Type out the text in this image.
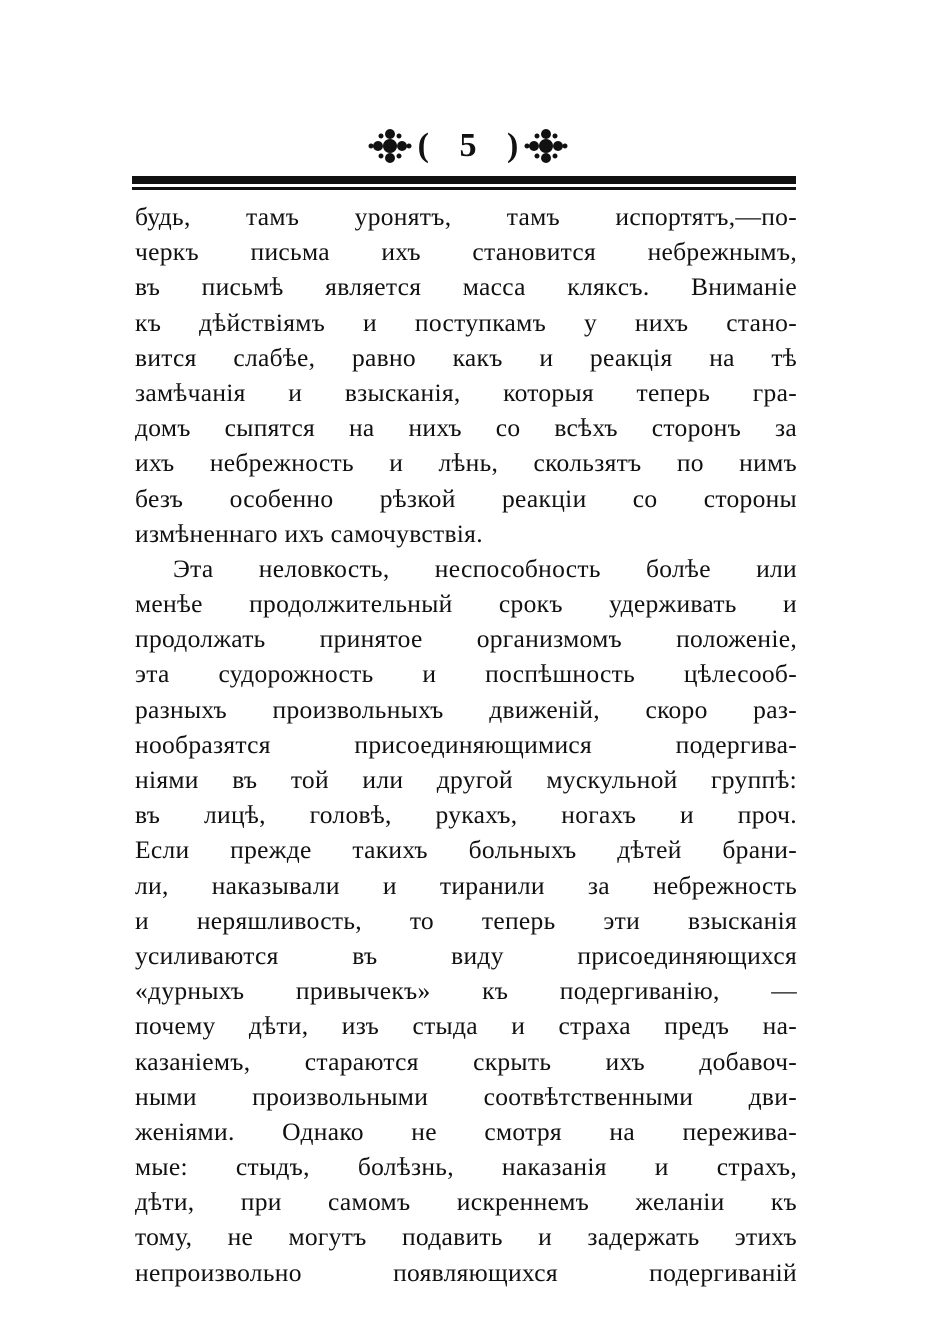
( 5 )
будь, тамъ уронятъ, тамъ испортятъ,—по-
черкъ письма ихъ становится небрежнымъ,
въ письмѣ является масса клякcъ. Вниманіе
къ дѣйствіямъ и поступкамъ у нихъ стано-
вится слабѣе, равно какъ и реакція на тѣ
замѣчанія и взысканія, которыя теперь гра-
домъ сыпятся на нихъ со всѣхъ сторонъ за
ихъ небрежность и лѣнь, скользятъ по нимъ
безъ особенно рѣзкой реакціи со стороны
измѣненнаго ихъ самочувствія.
Эта неловкость, неспособность болѣе или
менѣе продолжительный срокъ удерживать и
продолжать принятое организмомъ положеніе,
эта судорожность и поспѣшность цѣлесооб-
разныхъ произвольныхъ движеній, скоро раз-
нообразятся присоединяющимися подергива-
ніями въ той или другой мускульной группѣ:
въ лицѣ, головѣ, рукахъ, ногахъ и проч.
Если прежде такихъ больныхъ дѣтей брани-
ли, наказывали и тиранили за небрежность
и неряшливость, то теперь эти взысканія
усиливаются въ виду присоединяющихся
«дурныхъ привычекъ» къ подергиванію, —
почему дѣти, изъ стыда и страха предъ на-
казаніемъ, стараются скрыть ихъ добавоч-
ными произвольными соотвѣтственными дви-
женіями. Однако не смотря на пережива-
мые: стыдъ, болѣзнь, наказанія и страхъ,
дѣти, при самомъ искреннемъ желаніи къ
тому, не могутъ подавить и задержать этихъ
непроизвольно появляющихся подергиваній
